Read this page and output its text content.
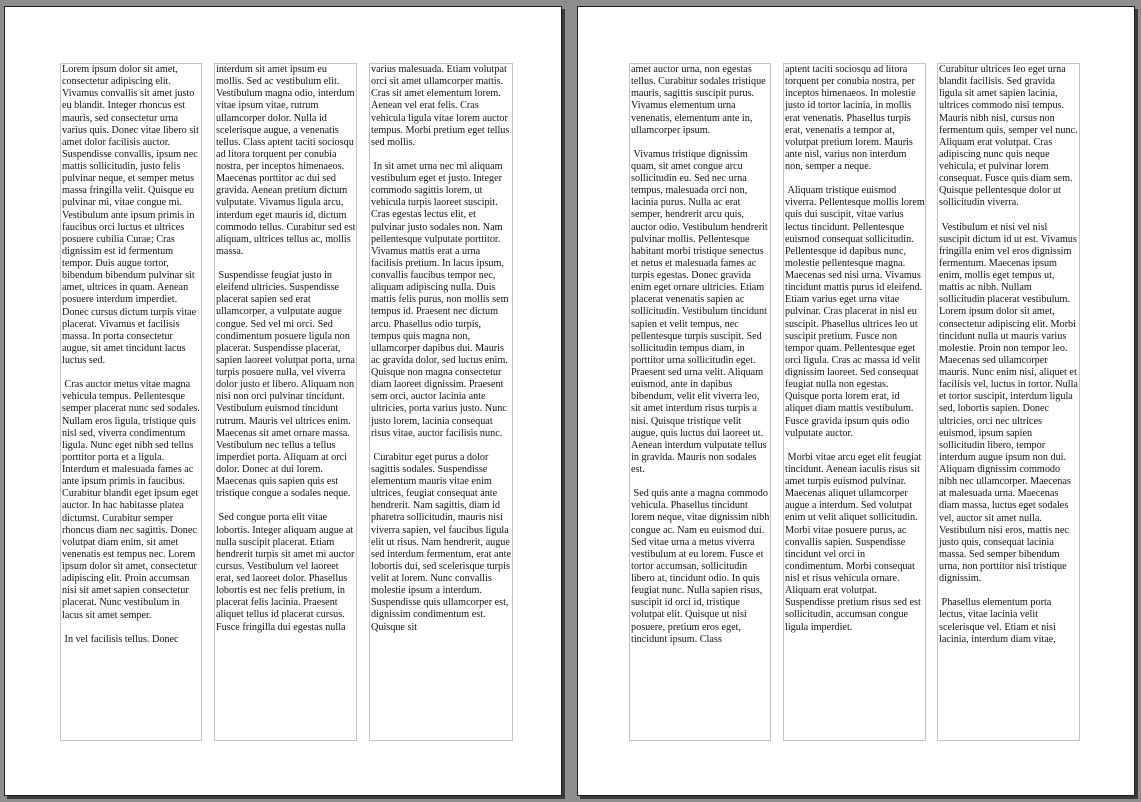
Lorem ipsum dolor sit amet, consectetur adipiscing elit. Vivamus convallis sit amet justo eu blandit. Integer rhoncus est mauris, sed consectetur urna varius quis. Donec vitae libero sit amet dolor facilisis auctor. Suspendisse convallis, ipsum nec mattis sollicitudin, justo felis pulvinar neque, et semper metus massa fringilla velit. Quisque eu pulvinar mi, vitae congue mi. Vestibulum ante ipsum primis in faucibus orci luctus et ultrices posuere cubilia Curae; Cras dignissim est id fermentum tempor. Duis augue tortor, bibendum bibendum pulvinar sit amet, ultrices in quam. Aenean posuere interdum imperdiet. Donec cursus dictum turpis vitae placerat. Vivamus et facilisis massa. In porta consectetur augue, sit amet tincidunt lacus luctus sed.

Cras auctor metus vitae magna vehicula tempus. Pellentesque semper placerat nunc sed sodales. Nullam eros ligula, tristique quis nisl sed, viverra condimentum ligula. Nunc eget nibh sed tellus porttitor porta et a ligula. Interdum et malesuada fames ac ante ipsum primis in faucibus. Curabitur blandit eget ipsum eget auctor. In hac habitasse platea dictumst. Curabitur semper rhoncus diam nec sagittis. Donec volutpat diam enim, sit amet venenatis est tempus nec. Lorem ipsum dolor sit amet, consectetur adipiscing elit. Proin accumsan nisi sit amet sapien consectetur placerat. Nunc vestibulum in lacus sit amet semper.

In vel facilisis tellus. Donec

interdum sit amet ipsum eu mollis. Sed ac vestibulum elit. Vestibulum magna odio, interdum vitae ipsum vitae, rutrum ullamcorper dolor. Nulla id scelerisque augue, a venenatis tellus. Class aptent taciti sociosqu ad litora torquent per conubia nostra, per inceptos himenaeos. Maecenas porttitor ac dui sed gravida. Aenean pretium dictum vulputate. Vivamus ligula arcu, interdum eget mauris id, dictum commodo tellus. Curabitur sed est aliquam, ultrices tellus ac, mollis massa.

Suspendisse feugiat justo in eleifend ultricies. Suspendisse placerat sapien sed erat ullamcorper, a vulputate augue congue. Sed vel mi orci. Sed condimentum posuere ligula non placerat. Suspendisse placerat, sapien laoreet volutpat porta, urna turpis posuere nulla, vel viverra dolor justo et libero. Aliquam non nisi non orci pulvinar tincidunt. Vestibulum euismod tincidunt rutrum. Mauris vel ultrices enim. Maecenas sit amet ornare massa. Vestibulum nec tellus a tellus imperdiet porta. Aliquam at orci dolor. Donec at dui lorem. Maecenas quis sapien quis est tristique congue a sodales neque.

Sed congue porta elit vitae lobortis. Integer aliquam augue at nulla suscipit placerat. Etiam hendrerit turpis sit amet mi auctor cursus. Vestibulum vel laoreet erat, sed laoreet dolor. Phasellus lobortis est nec felis pretium, in placerat felis lacinia. Praesent aliquet tellus id placerat cursus. Fusce fringilla dui egestas nulla

varius malesuada. Etiam volutpat orci sit amet ullamcorper mattis. Cras sit amet elementum lorem. Aenean vel erat felis. Cras vehicula ligula vitae lorem auctor tempus. Morbi pretium eget tellus sed mollis.

In sit amet urna nec mi aliquam vestibulum eget et justo. Integer commodo sagittis lorem, ut vehicula turpis laoreet suscipit. Cras egestas lectus elit, et pulvinar justo sodales non. Nam pellentesque vulputate porttitor. Vivamus mattis erat a urna facilisis pretium. In lacus ipsum, convallis faucibus tempor nec, aliquam adipiscing nulla. Duis mattis felis purus, non mollis sem tempus id. Praesent nec dictum arcu. Phasellus odio turpis, tempus quis magna non, ullamcorper dapibus dui. Mauris ac gravida dolor, sed luctus enim. Quisque non magna consectetur diam laoreet dignissim. Praesent sem orci, auctor lacinia ante ultricies, porta varius justo. Nunc justo lorem, lacinia consequat risus vitae, auctor facilisis nunc.

Curabitur eget purus a dolor sagittis sodales. Suspendisse elementum mauris vitae enim ultrices, feugiat consequat ante hendrerit. Nam sagittis, diam id pharetra sollicitudin, mauris nisi viverra sapien, vel faucibus ligula elit ut risus. Nam hendrerit, augue sed interdum fermentum, erat ante lobortis dui, sed scelerisque turpis velit at lorem. Nunc convallis molestie ipsum a interdum. Suspendisse quis ullamcorper est, dignissim condimentum est. Quisque sit

amet auctor urna, non egestas tellus. Curabitur sodales tristique mauris, sagittis suscipit purus. Vivamus elementum urna venenatis, elementum ante in, ullamcorper ipsum.

Vivamus tristique dignissim quam, sit amet congue arcu sollicitudin eu. Sed nec urna tempus, malesuada orci non, lacinia purus. Nulla ac erat semper, hendrerit arcu quis, auctor odio. Vestibulum hendrerit pulvinar mollis. Pellentesque habitant morbi tristique senectus et netus et malesuada fames ac turpis egestas. Donec gravida enim eget ornare ultricies. Etiam placerat venenatis sapien ac sollicitudin. Vestibulum tincidunt sapien et velit tempus, nec pellentesque turpis suscipit. Sed sollicitudin tempus diam, in porttitor urna sollicitudin eget. Praesent sed urna velit. Aliquam euismod, ante in dapibus bibendum, velit elit viverra leo, sit amet interdum risus turpis a nisi. Quisque tristique velit augue, quis luctus dui laoreet ut. Aenean interdum vulputate tellus in gravida. Mauris non sodales est.

Sed quis ante a magna commodo vehicula. Phasellus tincidunt lorem neque, vitae dignissim nibh congue ac. Nam eu euismod dui. Sed vitae urna a metus viverra vestibulum at eu lorem. Fusce et tortor accumsan, sollicitudin libero at, tincidunt odio. In quis feugiat nunc. Nulla sapien risus, suscipit id orci id, tristique volutpat elit. Quisque ut nisi posuere, pretium eros eget, tincidunt ipsum. Class

aptent taciti sociosqu ad litora torquent per conubia nostra, per inceptos himenaeos. In molestie justo id tortor lacinia, in mollis erat venenatis. Phasellus turpis erat, venenatis a tempor at, volutpat pretium lorem. Mauris ante nisl, varius non interdum non, semper a neque.

Aliquam tristique euismod viverra. Pellentesque mollis lorem quis dui suscipit, vitae varius lectus tincidunt. Pellentesque euismod consequat sollicitudin. Pellentesque id dapibus nunc, molestie pellentesque magna. Maecenas sed nisi urna. Vivamus tincidunt mattis purus id eleifend. Etiam varius eget urna vitae pulvinar. Cras placerat in nisl eu suscipit. Phasellus ultrices leo ut suscipit pretium. Fusce non tempor quam. Pellentesque eget orci ligula. Cras ac massa id velit dignissim laoreet. Sed consequat feugiat nulla non egestas. Quisque porta lorem erat, id aliquet diam mattis vestibulum. Fusce gravida ipsum quis odio vulputate auctor.

Morbi vitae arcu eget elit feugiat tincidunt. Aenean iaculis risus sit amet turpis euismod pulvinar. Maecenas aliquet ullamcorper augue a interdum. Sed volutpat enim ut velit aliquet sollicitudin. Morbi vitae posuere purus, ac convallis sapien. Suspendisse tincidunt vel orci in condimentum. Morbi consequat nisl et risus vehicula ornare. Aliquam erat volutpat. Suspendisse pretium risus sed est sollicitudin, accumsan congue ligula imperdiet.

Curabitur ultrices leo eget urna blandit facilisis. Sed gravida ligula sit amet sapien lacinia, ultrices commodo nisi tempus. Mauris nibh nisl, cursus non fermentum quis, semper vel nunc. Aliquam erat volutpat. Cras adipiscing nunc quis neque vehicula, et pulvinar lorem consequat. Fusce quis diam sem. Quisque pellentesque dolor ut sollicitudin viverra.

Vestibulum et nisi vel nisl suscipit dictum id ut est. Vivamus fringilla enim vel eros dignissim fermentum. Maecenas ipsum enim, mollis eget tempus ut, mattis ac nibh. Nullam sollicitudin placerat vestibulum. Lorem ipsum dolor sit amet, consectetur adipiscing elit. Morbi tincidunt nulla ut mauris varius molestie. Proin non tempor leo. Maecenas sed ullamcorper mauris. Nunc enim nisi, aliquet et facilisis vel, luctus in tortor. Nulla et tortor suscipit, interdum ligula sed, lobortis sapien. Donec ultricies, orci nec ultrices euismod, ipsum sapien sollicitudin libero, tempor interdum augue ipsum non dui. Aliquam dignissim commodo nibh nec ullamcorper. Maecenas at malesuada urna. Maecenas diam massa, luctus eget sodales vel, auctor sit amet nulla. Vestibulum nisi eros, mattis nec justo quis, consequat lacinia massa. Sed semper bibendum urna, non porttitor nisi tristique dignissim.

Phasellus elementum porta lectus, vitae lacinia velit scelerisque vel. Etiam et nisi lacinia, interdum diam vitae,
